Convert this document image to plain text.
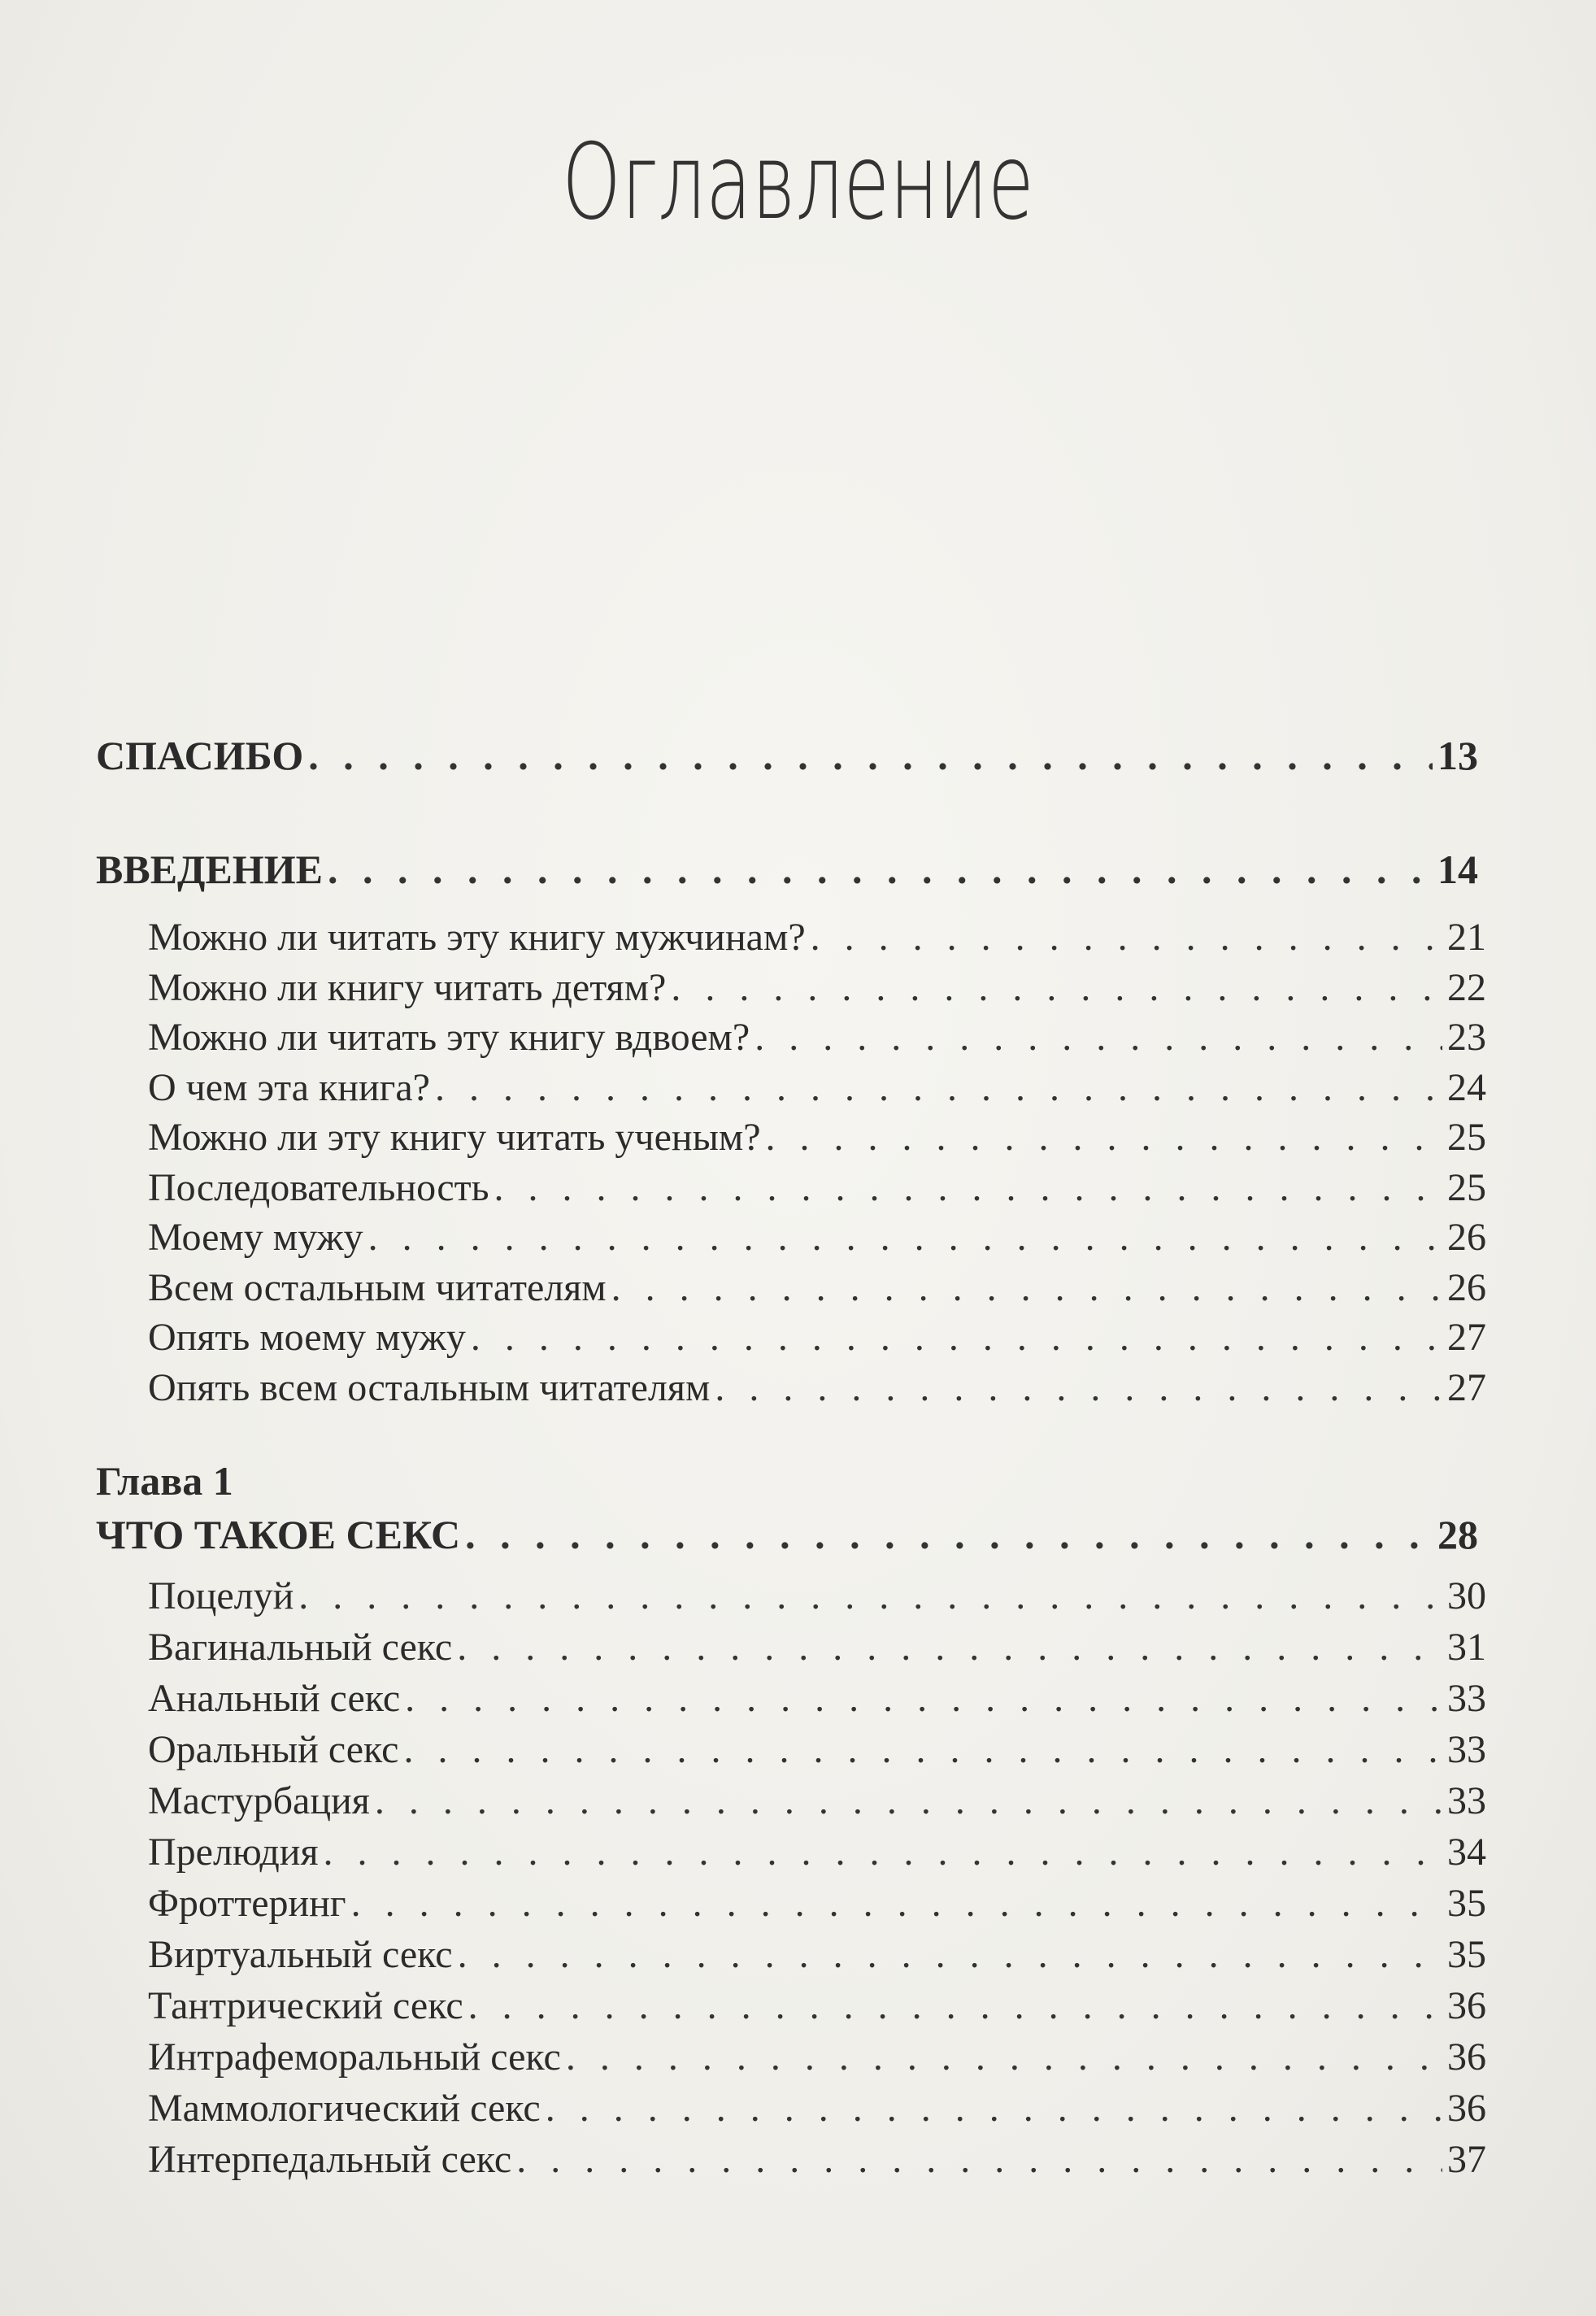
Оглавление
СПАСИБО . . .	13
ВВЕДЕНИЕ . . .	14
Можно ли читать эту книгу мужчинам? . . .	21
Можно ли книгу читать детям? . . .	22
Можно ли читать эту книгу вдвоем? . . .	23
О чем эта книга? . . .	24
Можно ли эту книгу читать ученым? . . .	25
Последовательность . . .	25
Моему мужу . . .	26
Всем остальным читателям . . .	26
Опять моему мужу . . .	27
Опять всем остальным читателям . . .	27
Глава 1
ЧТО ТАКОЕ СЕКС . . .	28
Поцелуй . . .	30
Вагинальный секс . . .	31
Анальный секс . . .	33
Оральный секс . . .	33
Мастурбация . . .	33
Прелюдия . . .	34
Фроттеринг . . .	35
Виртуальный секс . . .	35
Тантрический секс . . .	36
Интрафеморальный секс . . .	36
Маммологический секс . . .	36
Интерпедальный секс . . .	37
